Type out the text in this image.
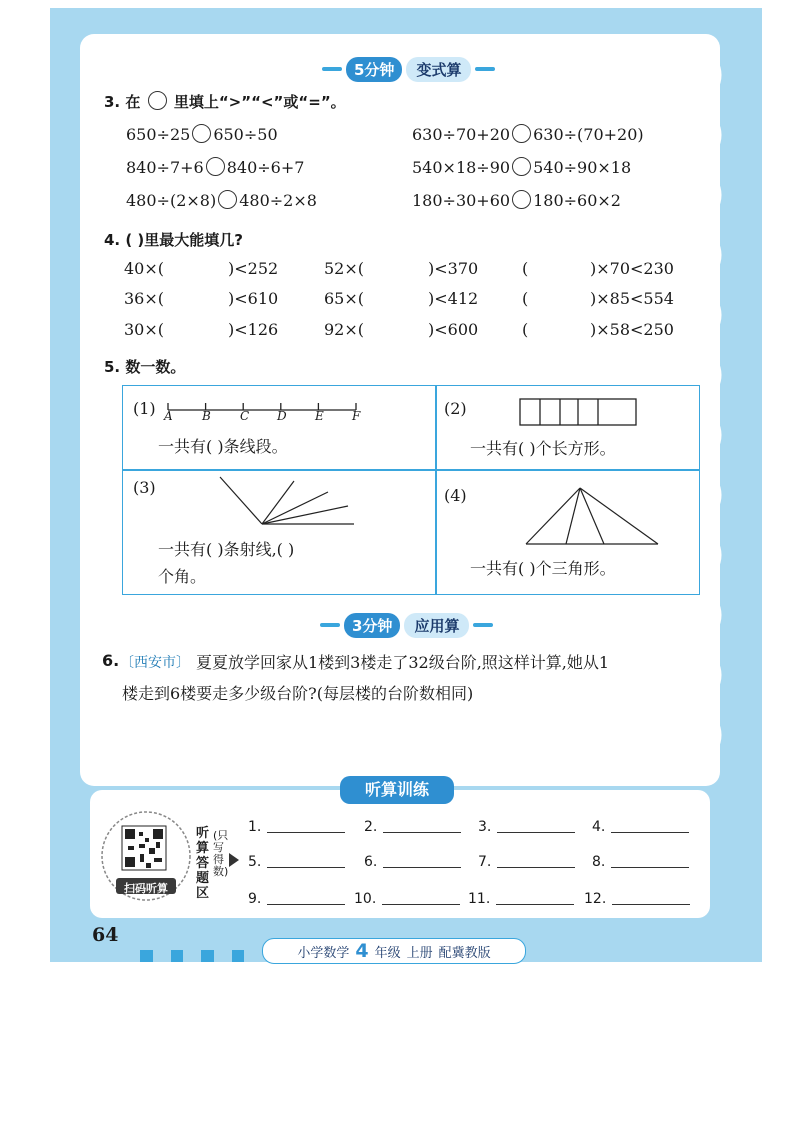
5分钟	变式算
3. 在 里填上“>”“<”或“=”。
650÷25 650÷50	630÷70+20 630÷(70+20)
840÷7+6 840÷6+7	540×18÷90 540÷90×18
480÷(2×8) 480÷2×8	180÷30+60 180÷60×2
4. ( )里最大能填几?
40×(	)<252	52×(	)<370	(	)×70<230
36×(	)<610	65×(	)<412	(	)×85<554
30×(	)<126	92×(	)<600	(	)×58<250
5. 数一数。
(1) A B C D E F
一共有( )条线段。
(2)
一共有( )个长方形。
(3)
一共有( )条射线,( )
个角。
(4)
一共有( )个三角形。
3分钟	应用算
6. 〔西安市〕 夏夏放学回家从1楼到3楼走了32级台阶,照这样计算,她从1
楼走到6楼要走多少级台阶?(每层楼的台阶数相同)
听算训练
扫码听算
听算答题区
(只写得数)
1.	2.	3.	4.
5.	6.	7.	8.
9.	10.	11.	12.
64
小学数学 4 年级 上册 配冀教版
